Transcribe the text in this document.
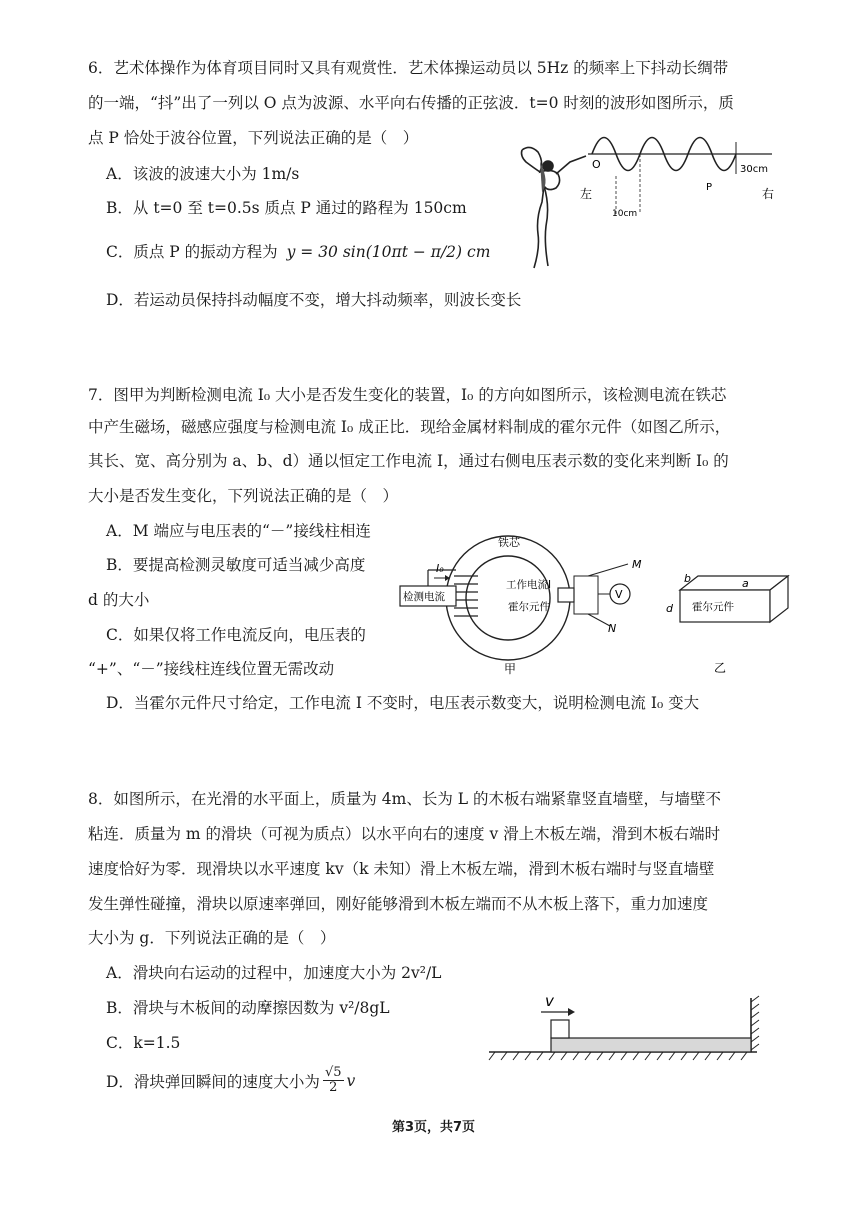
6．艺术体操作为体育项目同时又具有观赏性．艺术体操运动员以 5Hz 的频率上下抖动长绸带
的一端，“抖”出了一列以 O 点为波源、水平向右传播的正弦波．t=0 时刻的波形如图所示，质
点 P 恰处于波谷位置，下列说法正确的是（　）
A．该波的波速大小为 1m/s
B．从 t=0 至 t=0.5s 质点 P 通过的路程为 150cm
C．质点 P 的振动方程为 y = 30 sin(10πt − π/2) cm
D．若运动员保持抖动幅度不变，增大抖动频率，则波长变长
30cm
10cm
O
P
左	右
7．图甲为判断检测电流 I₀ 大小是否发生变化的装置，I₀ 的方向如图所示，该检测电流在铁芯
中产生磁场，磁感应强度与检测电流 I₀ 成正比．现给金属材料制成的霍尔元件（如图乙所示，
其长、宽、高分别为 a、b、d）通以恒定工作电流 I，通过右侧电压表示数的变化来判断 I₀ 的
大小是否发生变化，下列说法正确的是（　）
A．M 端应与电压表的“－”接线柱相连
B．要提高检测灵敏度可适当减少高度
d 的大小
C．如果仅将工作电流反向，电压表的
“+”、“－”接线柱连线位置无需改动
D．当霍尔元件尺寸给定，工作电流 I 不变时，电压表示数变大，说明检测电流 I₀ 变大
铁芯
检测电流
I₀
工作电流I
霍尔元件
V
M
N
甲
a
b
d 霍尔元件
乙
8．如图所示，在光滑的水平面上，质量为 4m、长为 L 的木板右端紧靠竖直墙壁，与墙壁不
粘连．质量为 m 的滑块（可视为质点）以水平向右的速度 v 滑上木板左端，滑到木板右端时
速度恰好为零．现滑块以水平速度 kv（k 未知）滑上木板左端，滑到木板右端时与竖直墙壁
发生弹性碰撞，滑块以原速率弹回，刚好能够滑到木板左端而不从木板上落下，重力加速度
大小为 g．下列说法正确的是（　）
A．滑块向右运动的过程中，加速度大小为 2v²/L
B．滑块与木板间的动摩擦因数为 v²/8gL
C．k=1.5
D．滑块弹回瞬间的速度大小为 $\frac{√5}{2}$ v
v
第3页，共7页
